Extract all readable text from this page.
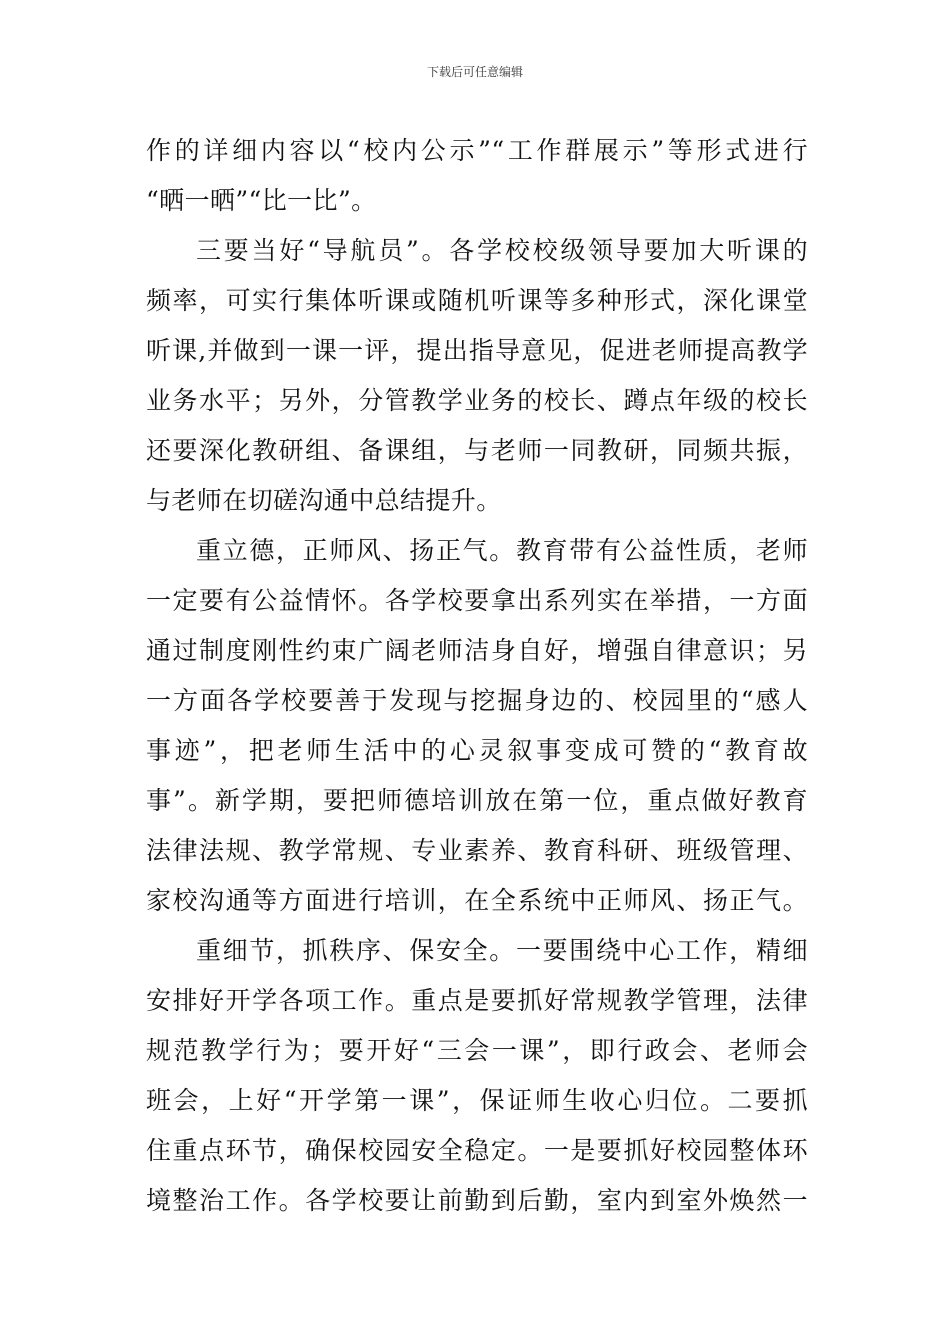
下载后可任意编辑
作的详细内容以“校内公示”“工作群展示”等形式进行
“晒一晒”“比一比”。
三要当好“导航员”。各学校校级领导要加大听课的
频率，可实行集体听课或随机听课等多种形式，深化课堂
听课,并做到一课一评，提出指导意见，促进老师提高教学
业务水平；另外，分管教学业务的校长、蹲点年级的校长
还要深化教研组、备课组，与老师一同教研，同频共振，
与老师在切磋沟通中总结提升。
重立德，正师风、扬正气。教育带有公益性质，老师
一定要有公益情怀。各学校要拿出系列实在举措，一方面
通过制度刚性约束广阔老师洁身自好，增强自律意识；另
一方面各学校要善于发现与挖掘身边的、校园里的“感人
事迹”，把老师生活中的心灵叙事变成可赞的“教育故
事”。新学期，要把师德培训放在第一位，重点做好教育
法律法规、教学常规、专业素养、教育科研、班级管理、
家校沟通等方面进行培训，在全系统中正师风、扬正气。
重细节，抓秩序、保安全。一要围绕中心工作，精细
安排好开学各项工作。重点是要抓好常规教学管理，法律
规范教学行为；要开好“三会一课”，即行政会、老师会
班会，上好“开学第一课”，保证师生收心归位。二要抓
住重点环节，确保校园安全稳定。一是要抓好校园整体环
境整治工作。各学校要让前勤到后勤，室内到室外焕然一
